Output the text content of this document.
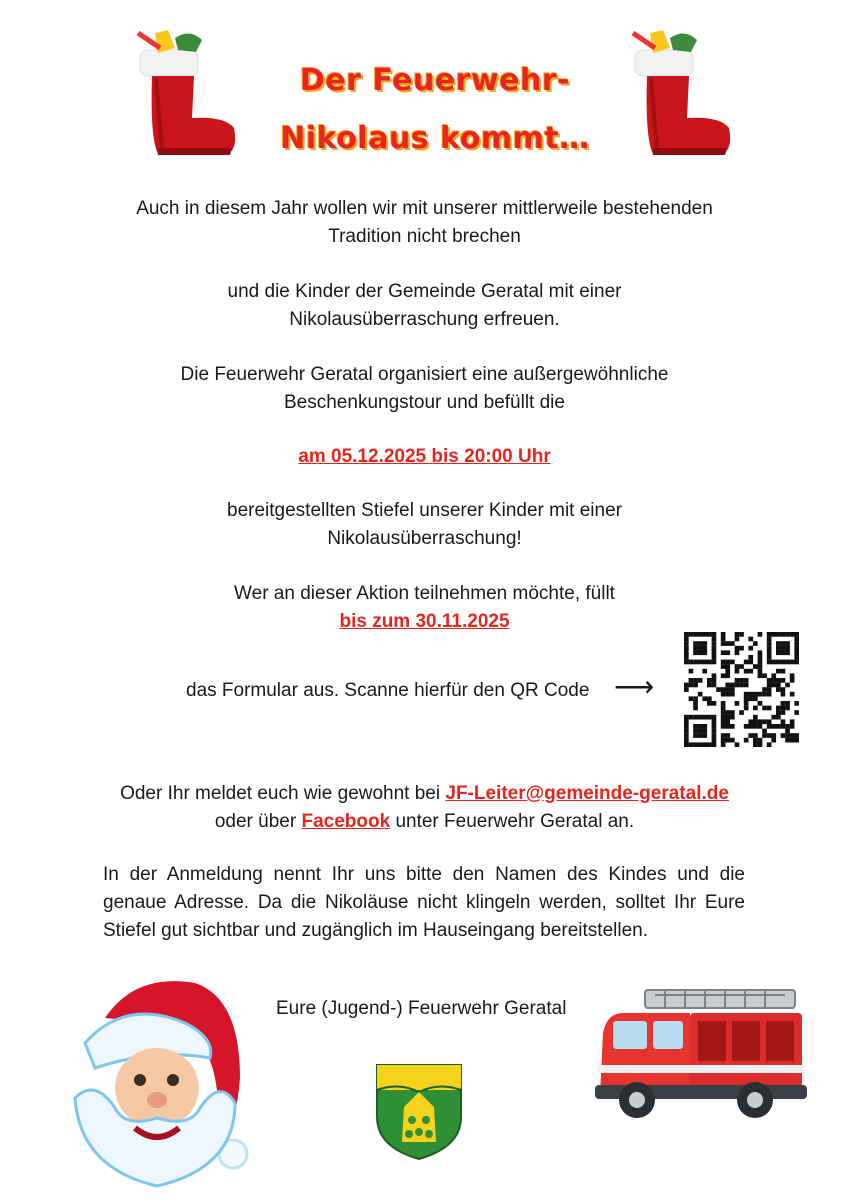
Der Feuerwehr-
Nikolaus kommt…
Auch in diesem Jahr wollen wir mit unserer mittlerweile bestehenden
Tradition nicht brechen
und die Kinder der Gemeinde Geratal mit einer
Nikolausüberraschung erfreuen.
Die Feuerwehr Geratal organisiert eine außergewöhnliche
Beschenkungstour und befüllt die
am 05.12.2025 bis 20:00 Uhr
bereitgestellten Stiefel unserer Kinder mit einer
Nikolausüberraschung!
Wer an dieser Aktion teilnehmen möchte, füllt
bis zum 30.11.2025
das Formular aus. Scanne hierfür den QR Code ⟶
Oder Ihr meldet euch wie gewohnt bei JF-Leiter@gemeinde-geratal.de
oder über Facebook unter Feuerwehr Geratal an.
In der Anmeldung nennt Ihr uns bitte den Namen des Kindes und die genaue Adresse. Da die Nikoläuse nicht klingeln werden, solltet Ihr Eure Stiefel gut sichtbar und zugänglich im Hauseingang bereitstellen.
Eure (Jugend-) Feuerwehr Geratal
